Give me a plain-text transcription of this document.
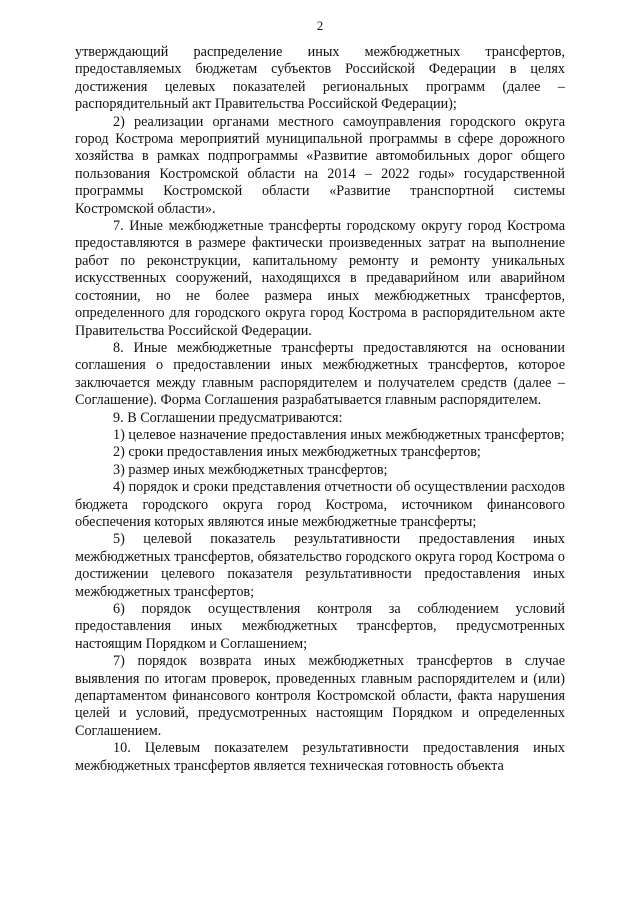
2

утверждающий распределение иных межбюджетных трансфертов, предоставляемых бюджетам субъектов Российской Федерации в целях достижения целевых показателей региональных программ (далее – распорядительный акт Правительства Российской Федерации);

2) реализации органами местного самоуправления городского округа город Кострома мероприятий муниципальной программы в сфере дорожного хозяйства в рамках подпрограммы «Развитие автомобильных дорог общего пользования Костромской области на 2014 – 2022 годы» государственной программы Костромской области «Развитие транспортной системы Костромской области».

7. Иные межбюджетные трансферты городскому округу город Кострома предоставляются в размере фактически произведенных затрат на выполнение работ по реконструкции, капитальному ремонту и ремонту уникальных искусственных сооружений, находящихся в предаварийном или аварийном состоянии, но не более размера иных межбюджетных трансфертов, определенного для городского округа город Кострома в распорядительном акте Правительства Российской Федерации.

8. Иные межбюджетные трансферты предоставляются на основании соглашения о предоставлении иных межбюджетных трансфертов, которое заключается между главным распорядителем и получателем средств (далее – Соглашение). Форма Соглашения разрабатывается главным распорядителем.

9. В Соглашении предусматриваются:

1) целевое назначение предоставления иных межбюджетных трансфертов;

2) сроки предоставления иных межбюджетных трансфертов;

3) размер иных межбюджетных трансфертов;

4) порядок и сроки представления отчетности об осуществлении расходов бюджета городского округа город Кострома, источником финансового обеспечения которых являются иные межбюджетные трансферты;

5) целевой показатель результативности предоставления иных межбюджетных трансфертов, обязательство городского округа город Кострома о достижении целевого показателя результативности предоставления иных межбюджетных трансфертов;

6) порядок осуществления контроля за соблюдением условий предоставления иных межбюджетных трансфертов, предусмотренных настоящим Порядком и Соглашением;

7) порядок возврата иных межбюджетных трансфертов в случае выявления по итогам проверок, проведенных главным распорядителем и (или) департаментом финансового контроля Костромской области, факта нарушения целей и условий, предусмотренных настоящим Порядком и определенных Соглашением.

10. Целевым показателем результативности предоставления иных межбюджетных трансфертов является техническая готовность объекта
